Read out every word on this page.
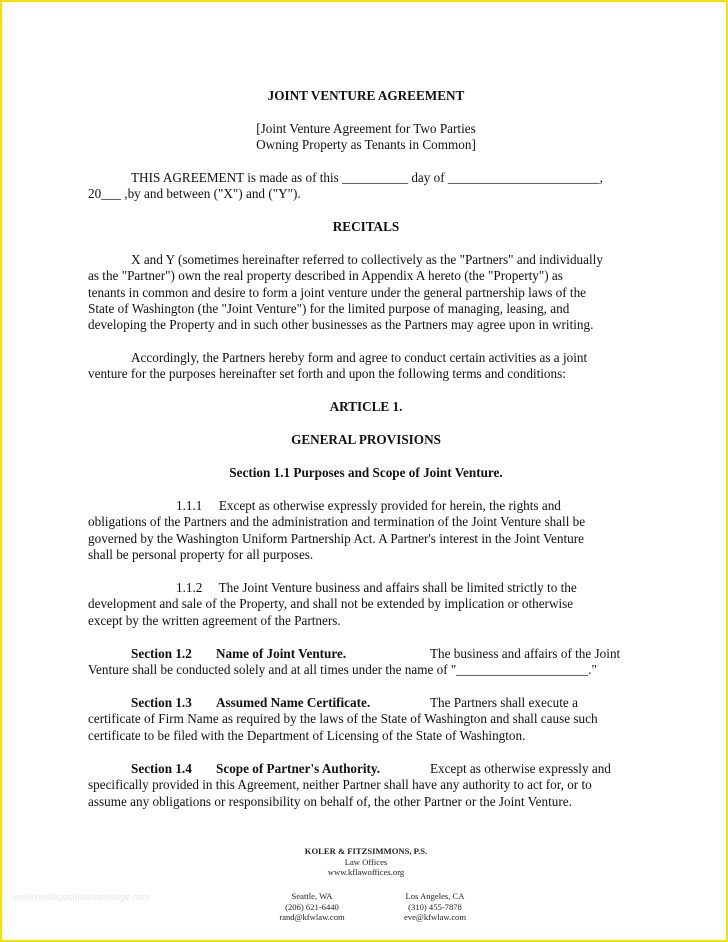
JOINT VENTURE AGREEMENT
[Joint Venture Agreement for Two Parties
Owning Property as Tenants in Common]
THIS AGREEMENT is made as of this __________ day of _______________________,
20___ ,by and between ("X") and ("Y").
RECITALS
X and Y (sometimes hereinafter referred to collectively as the "Partners" and individually
as the "Partner") own the real property described in Appendix A hereto (the "Property") as
tenants in common and desire to form a joint venture under the general partnership laws of the
State of Washington (the "Joint Venture") for the limited purpose of managing, leasing, and
developing the Property and in such other businesses as the Partners may agree upon in writing.
Accordingly, the Partners hereby form and agree to conduct certain activities as a joint
venture for the purposes hereinafter set forth and upon the following terms and conditions:
ARTICLE 1.
GENERAL PROVISIONS
Section 1.1 Purposes and Scope of Joint Venture.
1.1.1     Except as otherwise expressly provided for herein, the rights and
obligations of the Partners and the administration and termination of the Joint Venture shall be
governed by the Washington Uniform Partnership Act. A Partner's interest in the Joint Venture
shall be personal property for all purposes.
1.1.2     The Joint Venture business and affairs shall be limited strictly to the
development and sale of the Property, and shall not be extended by implication or otherwise
except by the written agreement of the Partners.
Section 1.2 Name of Joint Venture.	The business and affairs of the Joint
Venture shall be conducted solely and at all times under the name of "____________________."
Section 1.3 Assumed Name Certificate.	The Partners shall execute a
certificate of Firm Name as required by the laws of the State of Washington and shall cause such
certificate to be filed with the Department of Licensing of the State of Washington.
Section 1.4 Scope of Partner's Authority.	Except as otherwise expressly and
specifically provided in this Agreement, neither Partner shall have any authority to act for, or to
assume any obligations or responsibility on behalf of, the other Partner or the Joint Venture.
KOLER & FITZSIMMONS, P.S.
Law Offices
www.kflawoffices.org
Seattle, WA
(206) 621-6440
rand@kfwlaw.com
Los Angeles, CA
(310) 455-7878
eve@kfwlaw.com
www.heritagechristiancollege.com
